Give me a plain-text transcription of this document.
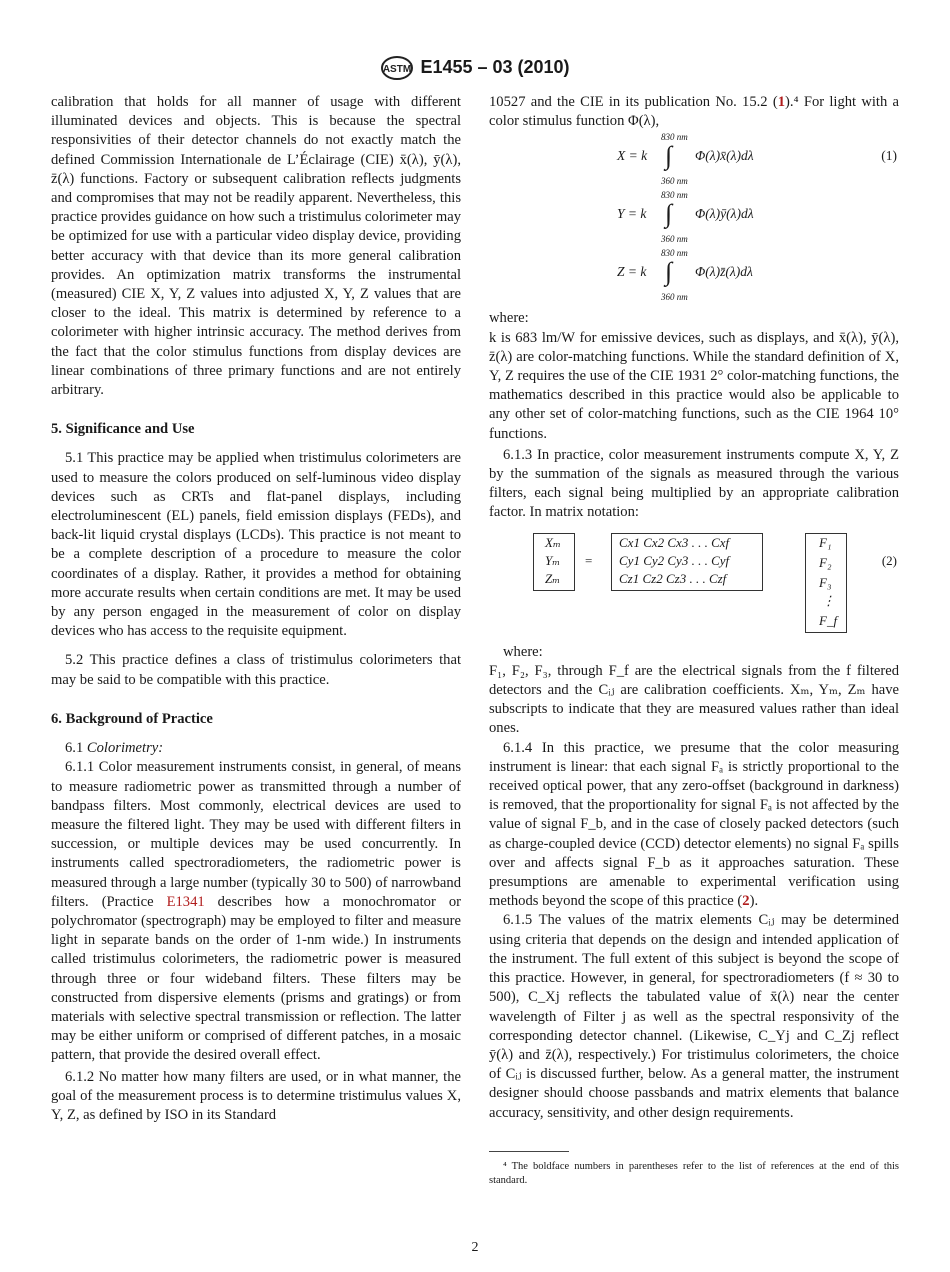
ASTM E1455 – 03 (2010)

calibration that holds for all manner of usage with different illuminated devices and objects. This is because the spectral responsivities of their detector channels do not exactly match the defined Commission Internationale de L’Éclairage (CIE) x̄(λ), ȳ(λ), z̄(λ) functions. Factory or subsequent calibration reflects judgments and compromises that may not be readily apparent. Nevertheless, this practice provides guidance on how such a tristimulus colorimeter may be optimized for use with a particular video display device, providing better accuracy with that device than its more general calibration provides. An optimization matrix transforms the instrumental (measured) CIE X, Y, Z values into adjusted X, Y, Z values that are closer to the ideal. This matrix is determined by reference to a colorimeter with higher intrinsic accuracy. The method derives from the fact that the color stimulus functions from display devices are linear combinations of three primary functions and are not entirely arbitrary.

5. Significance and Use

5.1 This practice may be applied when tristimulus colorimeters are used to measure the colors produced on self-luminous video display devices such as CRTs and flat-panel displays, including electroluminescent (EL) panels, field emission displays (FEDs), and back-lit liquid crystal displays (LCDs). This practice is not meant to be a complete description of a procedure to measure the color coordinates of a display. Rather, it provides a method for obtaining more accurate results when certain conditions are met. It may be used by any person engaged in the measurement of color on display devices who has access to the requisite equipment.

5.2 This practice defines a class of tristimulus colorimeters that may be said to be compatible with this practice.

6. Background of Practice

6.1 Colorimetry:

6.1.1 Color measurement instruments consist, in general, of means to measure radiometric power as transmitted through a number of bandpass filters. Most commonly, electrical devices are used to measure the filtered light. They may be used with different filters in succession, or multiple devices may be used concurrently. In instruments called spectroradiometers, the radiometric power is measured through a large number (typically 30 to 500) of narrowband filters. (Practice E1341 describes how a monochromator or polychromator (spectrograph) may be employed to filter and measure light in separate bands on the order of 1-nm wide.) In instruments called tristimulus colorimeters, the radiometric power is measured through three or four wideband filters. These filters may be constructed from dispersive elements (prisms and gratings) or from materials with selective spectral transmission or reflection. The latter may be either uniform or comprised of different patches, in a mosaic pattern, that provide the desired overall effect.

6.1.2 No matter how many filters are used, or in what manner, the goal of the measurement process is to determine tristimulus values X, Y, Z, as defined by ISO in its Standard

10527 and the CIE in its publication No. 15.2 (1).⁴ For light with a color stimulus function Φ(λ),

X = k
830 nm
∫
360 nm
Φ(λ)x̄(λ)dλ	(1)
Y = k
830 nm
∫
360 nm
Φ(λ)ȳ(λ)dλ
Z = k
830 nm
∫
360 nm
Φ(λ)z̄(λ)dλ

where:

k is 683 lm/W for emissive devices, such as displays, and x̄(λ), ȳ(λ), z̄(λ) are color-matching functions. While the standard definition of X, Y, Z requires the use of the CIE 1931 2° color-matching functions, the mathematics described in this practice would also be applicable to any other set of color-matching functions, such as the CIE 1964 10° functions.

6.1.3 In practice, color measurement instruments compute X, Y, Z by the summation of the signals as measured through the various filters, each signal being multiplied by an appropriate calibration factor. In matrix notation:

Xₘ
Yₘ
Zₘ
=
Cx1 Cx2 Cx3 . . . Cxf
Cy1 Cy2 Cy3 . . . Cyf
Cz1 Cz2 Cz3 . . . Czf
F₁
F₂
F₃
⋮
F_f
(2)

where:

F₁, F₂, F₃, through F_f are the electrical signals from the f filtered detectors and the Cᵢⱼ are calibration coefficients. Xₘ, Yₘ, Zₘ have subscripts to indicate that they are measured values rather than ideal ones.

6.1.4 In this practice, we presume that the color measuring instrument is linear: that each signal Fₐ is strictly proportional to the received optical power, that any zero-offset (background in darkness) is removed, that the proportionality for signal Fₐ is not affected by the value of signal F_b, and in the case of closely packed detectors (such as charge-coupled device (CCD) detector elements) no signal Fₐ spills over and affects signal F_b as it approaches saturation. These presumptions are amenable to experimental verification using methods beyond the scope of this practice (2).

6.1.5 The values of the matrix elements Cᵢⱼ may be determined using criteria that depends on the design and intended application of the instrument. The full extent of this subject is beyond the scope of this practice. However, in general, for spectroradiometers (f ≈ 30 to 500), C_Xj reflects the tabulated value of x̄(λ) near the center wavelength of Filter j as well as the spectral responsivity of the corresponding detector channel. (Likewise, C_Yj and C_Zj reflect ȳ(λ) and z̄(λ), respectively.) For tristimulus colorimeters, the choice of Cᵢⱼ is discussed further, below. As a general matter, the instrument designer should choose passbands and matrix elements that balance accuracy, sensitivity, and other design requirements.

⁴ The boldface numbers in parentheses refer to the list of references at the end of this standard.

2
